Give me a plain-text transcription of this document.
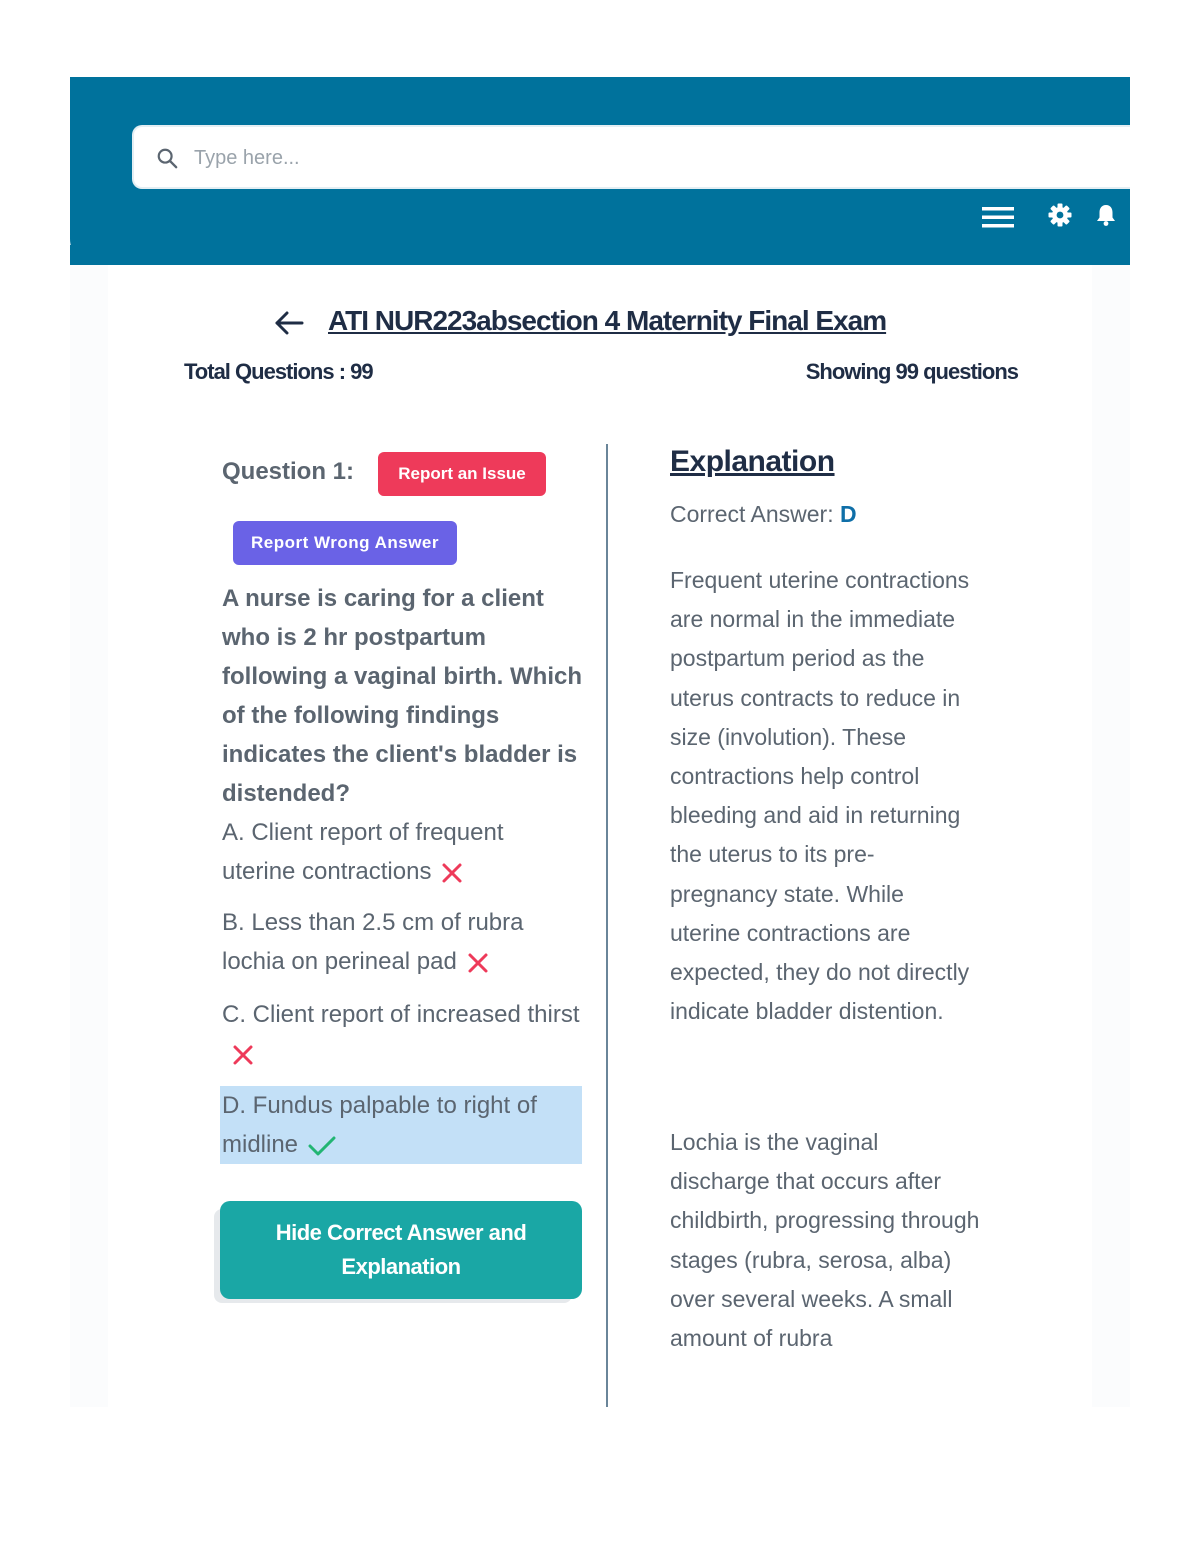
Type here...
ATI NUR223absection 4 Maternity Final Exam
Total Questions : 99	Showing 99 questions
Question 1:	Report an Issue
Report Wrong Answer
A nurse is caring for a client who is 2 hr postpartum following a vaginal birth. Which of the following findings indicates the client's bladder is distended?
A. Client report of frequent uterine contractions
B. Less than 2.5 cm of rubra lochia on perineal pad
C. Client report of increased thirst
D. Fundus palpable to right of midline
Hide Correct Answer and Explanation
Explanation
Correct Answer: D
Frequent uterine contractions are normal in the immediate postpartum period as the uterus contracts to reduce in size (involution). These contractions help control bleeding and aid in returning the uterus to its pre-pregnancy state. While uterine contractions are expected, they do not directly indicate bladder distention.
Lochia is the vaginal discharge that occurs after childbirth, progressing through stages (rubra, serosa, alba) over several weeks. A small amount of rubra
